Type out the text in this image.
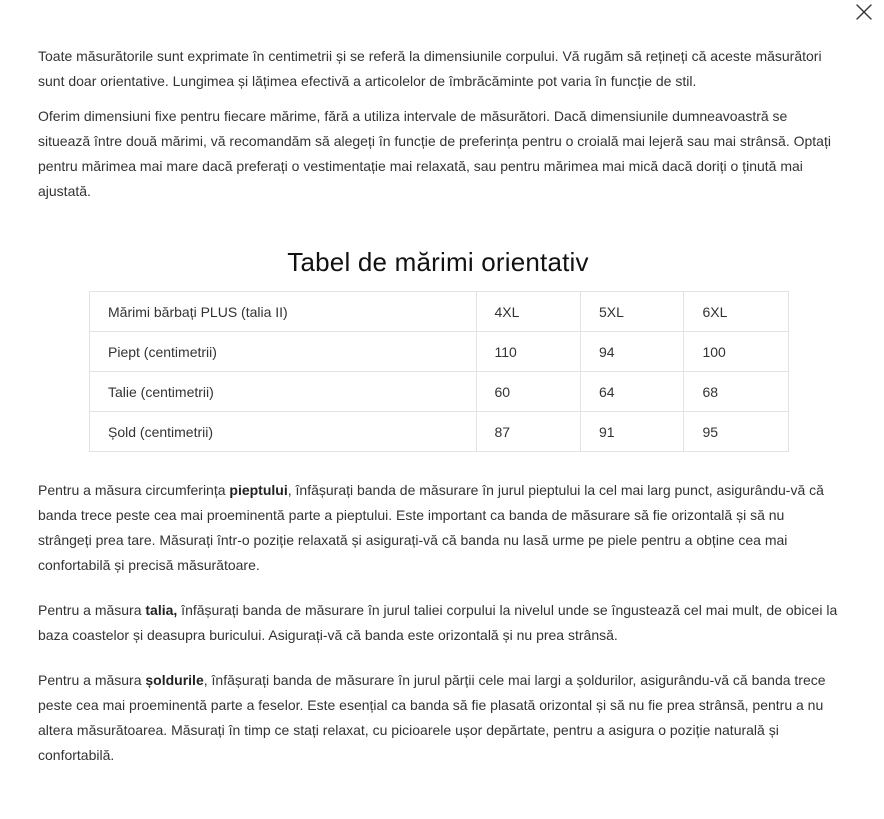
Toate măsurătorile sunt exprimate în centimetrii și se referă la dimensiunile corpului. Vă rugăm să rețineți că aceste măsurători sunt doar orientative. Lungimea și lățimea efectivă a articolelor de îmbrăcăminte pot varia în funcție de stil.

Oferim dimensiuni fixe pentru fiecare mărime, fără a utiliza intervale de măsurători. Dacă dimensiunile dumneavoastră se situează între două mărimi, vă recomandăm să alegeți în funcție de preferința pentru o croială mai lejeră sau mai strânsă. Optați pentru mărimea mai mare dacă preferați o vestimentație mai relaxată, sau pentru mărimea mai mică dacă doriți o ținută mai ajustată.

Tabel de mărimi orientativ
Mărimi bărbați PLUS (talia II)	4XL	5XL	6XL
Piept (centimetrii)	110	94	100
Talie (centimetrii)	60	64	68
Șold (centimetrii)	87	91	95

Pentru a măsura circumferința pieptului, înfășurați banda de măsurare în jurul pieptului la cel mai larg punct, asigurându-vă că banda trece peste cea mai proeminentă parte a pieptului. Este important ca banda de măsurare să fie orizontală și să nu strângeți prea tare. Măsurați într-o poziție relaxată și asigurați-vă că banda nu lasă urme pe piele pentru a obține cea mai confortabilă și precisă măsurătoare.

Pentru a măsura talia, înfășurați banda de măsurare în jurul taliei corpului la nivelul unde se îngustează cel mai mult, de obicei la baza coastelor și deasupra buricului. Asigurați-vă că banda este orizontală și nu prea strânsă.

Pentru a măsura șoldurile, înfășurați banda de măsurare în jurul părții cele mai largi a șoldurilor, asigurându-vă că banda trece peste cea mai proeminentă parte a feselor. Este esențial ca banda să fie plasată orizontal și să nu fie prea strânsă, pentru a nu altera măsurătoarea. Măsurați în timp ce stați relaxat, cu picioarele ușor depărtate, pentru a asigura o poziție naturală și confortabilă.
